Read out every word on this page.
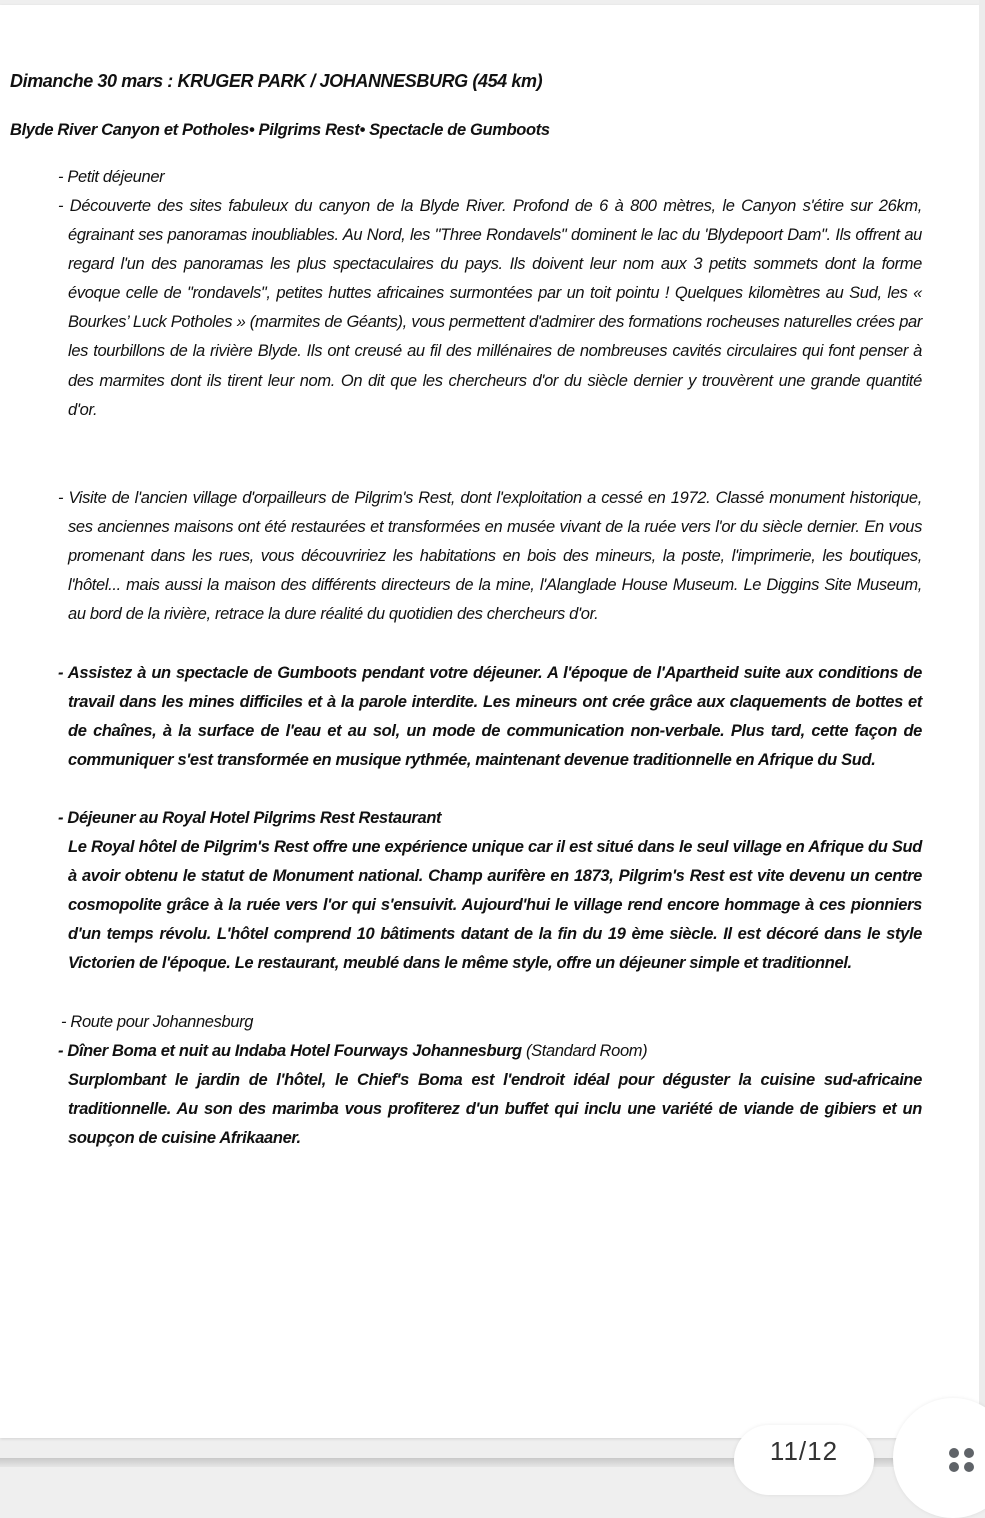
Dimanche 30 mars : KRUGER PARK / JOHANNESBURG (454 km)
Blyde River Canyon et Potholes• Pilgrims Rest• Spectacle de Gumboots

- Petit déjeuner

- Découverte des sites fabuleux du canyon de la Blyde River. Profond de 6 à 800 mètres, le Canyon s'étire sur 26km, égrainant ses panoramas inoubliables. Au Nord, les "Three Rondavels" dominent le lac du 'Blydepoort Dam". Ils offrent au regard l'un des panoramas les plus spectaculaires du pays. Ils doivent leur nom aux 3 petits sommets dont la forme évoque celle de "rondavels", petites huttes africaines surmontées par un toit pointu ! Quelques kilomètres au Sud, les « Bourkes’ Luck Potholes » (marmites de Géants), vous permettent d'admirer des formations rocheuses naturelles crées par les tourbillons de la rivière Blyde. Ils ont creusé au fil des millénaires de nombreuses cavités circulaires qui font penser à des marmites dont ils tirent leur nom. On dit que les chercheurs d'or du siècle dernier y trouvèrent une grande quantité d'or.

- Visite de l'ancien village d'orpailleurs de Pilgrim's Rest, dont l'exploitation a cessé en 1972. Classé monument historique, ses anciennes maisons ont été restaurées et transformées en musée vivant de la ruée vers l'or du siècle dernier. En vous promenant dans les rues, vous découvririez les habitations en bois des mineurs, la poste, l'imprimerie, les boutiques, l'hôtel... mais aussi la maison des différents directeurs de la mine, l'Alanglade House Museum. Le Diggins Site Museum, au bord de la rivière, retrace la dure réalité du quotidien des chercheurs d'or.

- Assistez à un spectacle de Gumboots pendant votre déjeuner. A l'époque de l'Apartheid suite aux conditions de travail dans les mines difficiles et à la parole interdite. Les mineurs ont crée grâce aux claquements de bottes et de chaînes, à la surface de l'eau et au sol, un mode de communication non-verbale. Plus tard, cette façon de communiquer s'est transformée en musique rythmée, maintenant devenue traditionnelle en Afrique du Sud.

- Déjeuner au Royal Hotel Pilgrims Rest Restaurant

Le Royal hôtel de Pilgrim's Rest offre une expérience unique car il est situé dans le seul village en Afrique du Sud à avoir obtenu le statut de Monument national. Champ aurifère en 1873, Pilgrim's Rest est vite devenu un centre cosmopolite grâce à la ruée vers l'or qui s'ensuivit. Aujourd'hui le village rend encore hommage à ces pionniers d'un temps révolu. L'hôtel comprend 10 bâtiments datant de la fin du 19 ème siècle. Il est décoré dans le style Victorien de l'époque. Le restaurant, meublé dans le même style, offre un déjeuner simple et traditionnel.

- Route pour Johannesburg

- Dîner Boma et nuit au Indaba Hotel Fourways Johannesburg (Standard Room)

Surplombant le jardin de l'hôtel, le Chief's Boma est l'endroit idéal pour déguster la cuisine sud-africaine traditionnelle. Au son des marimba vous profiterez d'un buffet qui inclu une variété de viande de gibiers et un soupçon de cuisine Afrikaaner.

11/12
